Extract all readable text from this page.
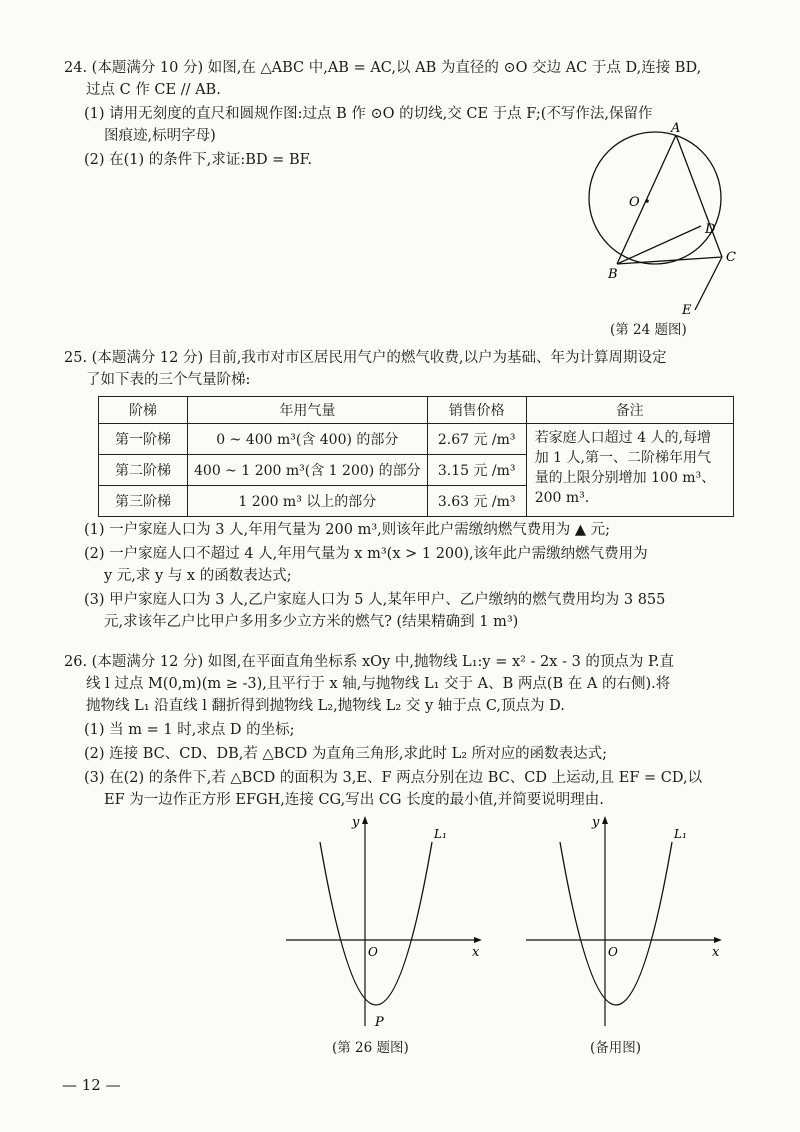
24. (本题满分 10 分) 如图,在 △ABC 中,AB = AC,以 AB 为直径的 ⊙O 交边 AC 于点 D,连接 BD,
过点 C 作 CE // AB.
(1) 请用无刻度的直尺和圆规作图:过点 B 作 ⊙O 的切线,交 CE 于点 F;(不写作法,保留作
图痕迹,标明字母)
(2) 在(1) 的条件下,求证:BD = BF.
A
O
D
B
C
E
(第 24 题图)
25. (本题满分 12 分) 目前,我市对市区居民用气户的燃气收费,以户为基础、年为计算周期设定
了如下表的三个气量阶梯:
阶梯	年用气量	销售价格	备注
第一阶梯	0 ~ 400 m³(含 400) 的部分	2.67 元 /m³	若家庭人口超过 4 人的,每增加 1 人,第一、二阶梯年用气量的上限分别增加 100 m³、200 m³.
第二阶梯	400 ~ 1 200 m³(含 1 200) 的部分	3.15 元 /m³	
第三阶梯	1 200 m³ 以上的部分	3.63 元 /m³	
(1) 一户家庭人口为 3 人,年用气量为 200 m³,则该年此户需缴纳燃气费用为 ▲ 元;
(2) 一户家庭人口不超过 4 人,年用气量为 x m³(x > 1 200),该年此户需缴纳燃气费用为
y 元,求 y 与 x 的函数表达式;
(3) 甲户家庭人口为 3 人,乙户家庭人口为 5 人,某年甲户、乙户缴纳的燃气费用均为 3 855
元,求该年乙户比甲户多用多少立方米的燃气? (结果精确到 1 m³)
26. (本题满分 12 分) 如图,在平面直角坐标系 xOy 中,抛物线 L₁:y = x² - 2x - 3 的顶点为 P.直
线 l 过点 M(0,m)(m ≥ -3),且平行于 x 轴,与抛物线 L₁ 交于 A、B 两点(B 在 A 的右侧).将
抛物线 L₁ 沿直线 l 翻折得到抛物线 L₂,抛物线 L₂ 交 y 轴于点 C,顶点为 D.
(1) 当 m = 1 时,求点 D 的坐标;
(2) 连接 BC、CD、DB,若 △BCD 为直角三角形,求此时 L₂ 所对应的函数表达式;
(3) 在(2) 的条件下,若 △BCD 的面积为 3,E、F 两点分别在边 BC、CD 上运动,且 EF = CD,以
EF 为一边作正方形 EFGH,连接 CG,写出 CG 长度的最小值,并简要说明理由.
x
y
O
P
L₁
(第 26 题图)
x
y
O
L₁
(备用图)
— 12 —
